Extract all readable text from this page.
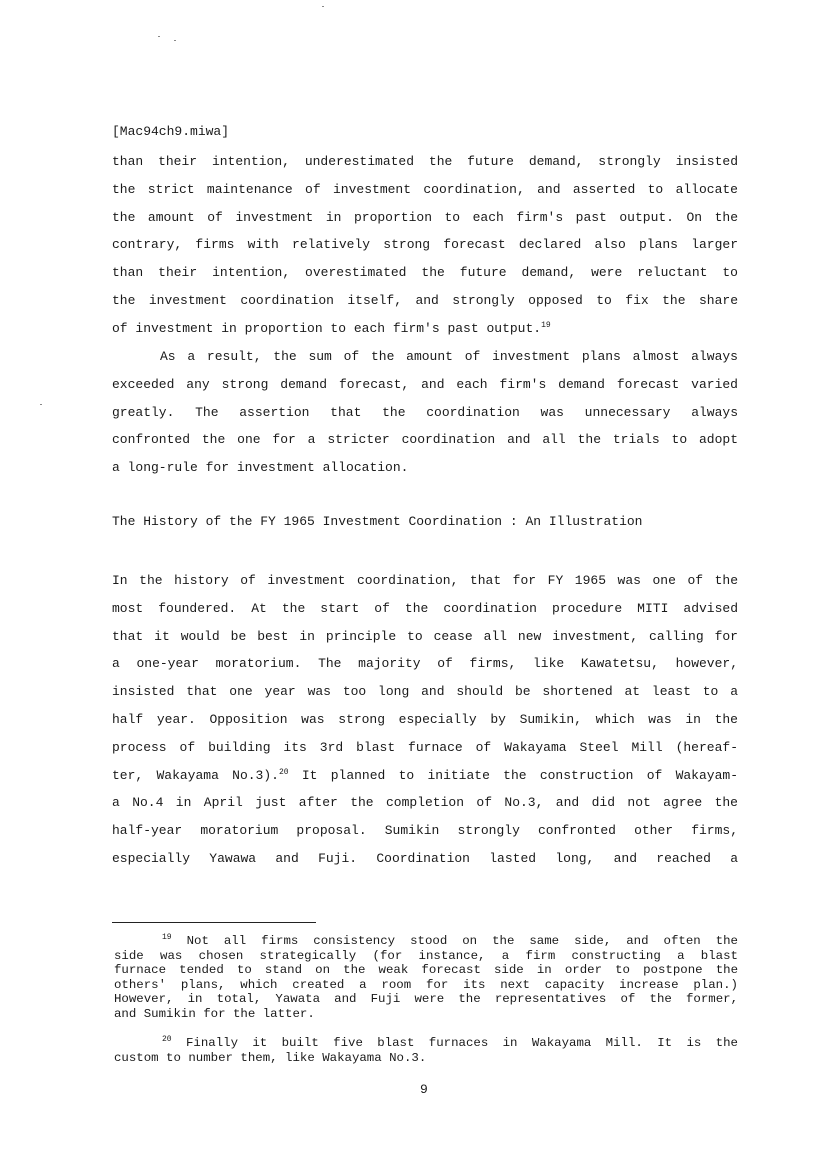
[Mac94ch9.miwa]
than their intention, underestimated the future demand, strongly insisted
the strict maintenance of investment coordination, and asserted to allocate
the amount of investment in proportion to each firm's past output. On the
contrary, firms with relatively strong forecast declared also plans larger
than their intention, overestimated the future demand, were reluctant to
the investment coordination itself, and strongly opposed to fix the share
of investment in proportion to each firm's past output.$^{19}$
As a result, the sum of the amount of investment plans almost always
exceeded any strong demand forecast, and each firm's demand forecast varied
greatly. The assertion that the coordination was unnecessary always
confronted the one for a stricter coordination and all the trials to adopt
a long-rule for investment allocation.
The History of the FY 1965 Investment Coordination : An Illustration
In the history of investment coordination, that for FY 1965 was one of the
most foundered. At the start of the coordination procedure MITI advised
that it would be best in principle to cease all new investment, calling for
a one-year moratorium. The majority of firms, like Kawatetsu, however,
insisted that one year was too long and should be shortened at least to a
half year. Opposition was strong especially by Sumikin, which was in the
process of building its 3rd blast furnace of Wakayama Steel Mill (hereaf-
ter, Wakayama No.3).$^{20}$ It planned to initiate the construction of Wakayam-
a No.4 in April just after the completion of No.3, and did not agree the
half-year moratorium proposal. Sumikin strongly confronted other firms,
especially Yawawa and Fuji. Coordination lasted long, and reached a
$^{19}$ Not all firms consistency stood on the same side, and often the
side was chosen strategically (for instance, a firm constructing a blast
furnace tended to stand on the weak forecast side in order to postpone the
others' plans, which created a room for its next capacity increase plan.)
However, in total, Yawata and Fuji were the representatives of the former,
and Sumikin for the latter.
$^{20}$ Finally it built five blast furnaces in Wakayama Mill. It is the
custom to number them, like Wakayama No.3.
9
